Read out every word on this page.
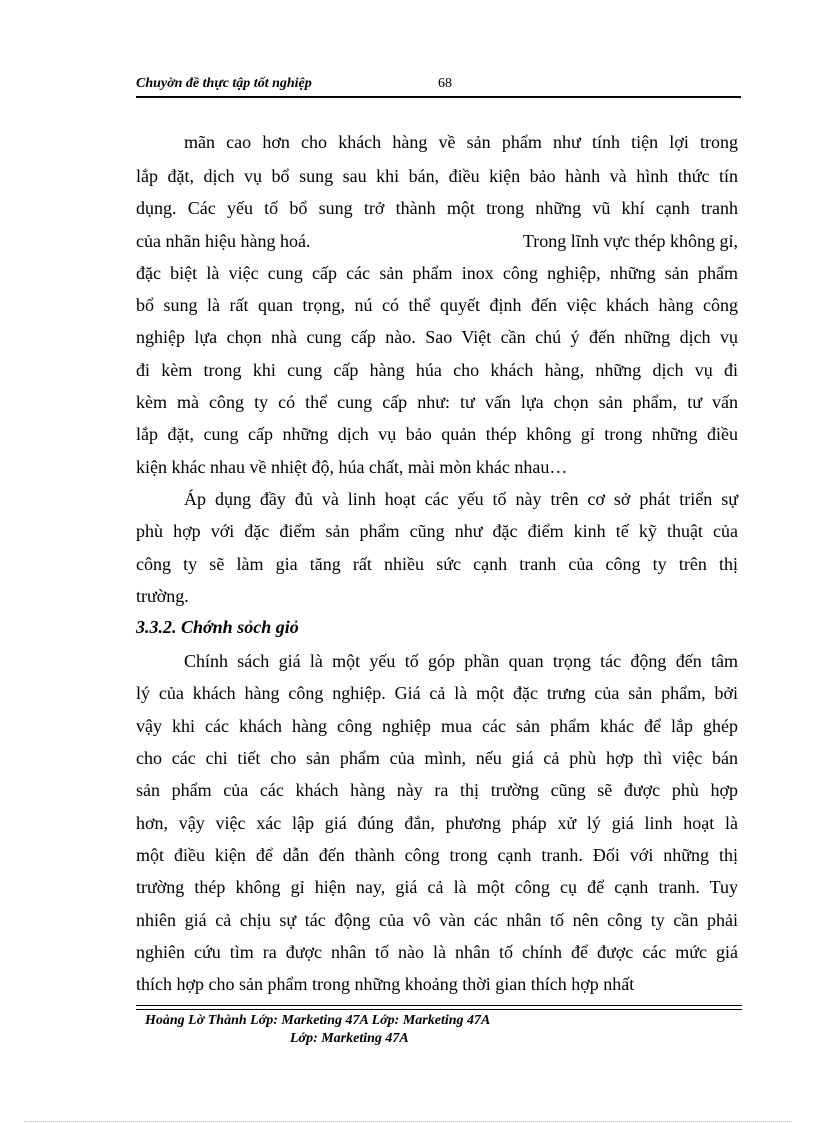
Chuyờn đề thực tập tốt nghiệp	68
mãn cao hơn cho khách hàng về sản phẩm như tính tiện lợi trong
lắp đặt, dịch vụ bổ sung sau khi bán, điều kiện bảo hành và hình thức tín
dụng. Các yếu tố bổ sung trở thành một trong những vũ khí cạnh tranh
của nhãn hiệu hàng hoá.	Trong lĩnh vực thép không gỉ,
đặc biệt là việc cung cấp các sản phẩm inox công nghiệp, những sản phẩm
bổ sung là rất quan trọng, nú có thể quyết định đến việc khách hàng công
nghiệp lựa chọn nhà cung cấp nào. Sao Việt cần chú ý đến những dịch vụ
đi kèm trong khi cung cấp hàng húa cho khách hàng, những dịch vụ đi
kèm mà công ty có thể cung cấp như: tư vấn lựa chọn sản phẩm, tư vấn
lắp đặt, cung cấp những dịch vụ bảo quản thép không gỉ trong những điều
kiện khác nhau về nhiệt độ, húa chất, mài mòn khác nhau…
Áp dụng đầy đủ và linh hoạt các yếu tố này trên cơ sở phát triển sự
phù hợp với đặc điểm sản phẩm cũng như đặc điểm kinh tế kỹ thuật của
công ty sẽ làm gia tăng rất nhiều sức cạnh tranh của công ty trên thị
trường.
3.3.2. Chớnh sỏch giỏ
Chính sách giá là một yếu tố góp phần quan trọng tác động đến tâm
lý của khách hàng công nghiệp. Giá cả là một đặc trưng của sản phẩm, bởi
vậy khi các khách hàng công nghiệp mua các sản phẩm khác để lắp ghép
cho các chi tiết cho sản phẩm của mình, nếu giá cả phù hợp thì việc bán
sản phẩm của các khách hàng này ra thị trường cũng sẽ được phù hợp
hơn, vậy việc xác lập giá đúng đắn, phương pháp xử lý giá linh hoạt là
một điều kiện để dẫn đến thành công trong cạnh tranh. Đối với những thị
trường thép không gỉ hiện nay, giá cả là một công cụ để cạnh tranh. Tuy
nhiên giá cả chịu sự tác động của vô vàn các nhân tố nên công ty cần phải
nghiên cứu tìm ra được nhân tố nào là nhân tố chính để được các mức giá
thích hợp cho sản phẩm trong những khoảng thời gian thích hợp nhất
Hoàng Lờ Thành Lớp: Marketing 47A Lớp: Marketing 47A
Lớp: Marketing 47A
